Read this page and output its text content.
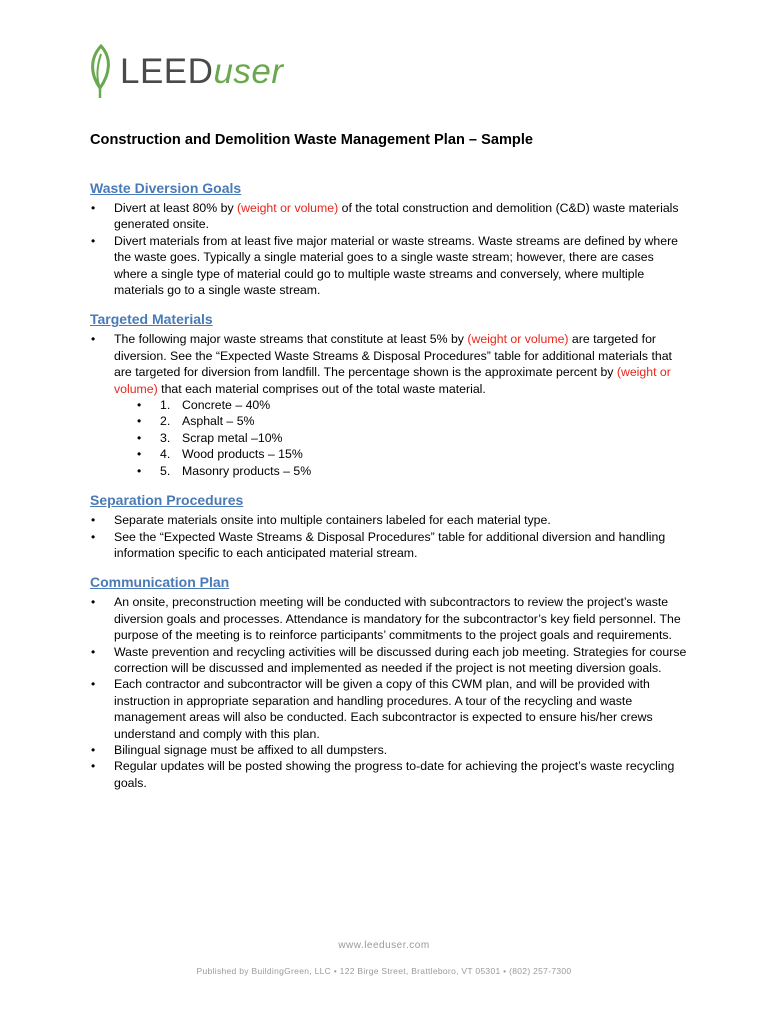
LEEDuser
Construction and Demolition Waste Management Plan – Sample
Waste Diversion Goals
• Divert at least 80% by (weight or volume) of the total construction and demolition (C&D) waste materials generated onsite.
• Divert materials from at least five major material or waste streams. Waste streams are defined by where the waste goes. Typically a single material goes to a single waste stream; however, there are cases where a single type of material could go to multiple waste streams and conversely, where multiple materials go to a single waste stream.
Targeted Materials
• The following major waste streams that constitute at least 5% by (weight or volume) are targeted for diversion. See the “Expected Waste Streams & Disposal Procedures” table for additional materials that are targeted for diversion from landfill. The percentage shown is the approximate percent by (weight or volume) that each material comprises out of the total waste material.
• 1. Concrete – 40%
• 2. Asphalt – 5%
• 3. Scrap metal –10%
• 4. Wood products – 15%
• 5. Masonry products – 5%
Separation Procedures
• Separate materials onsite into multiple containers labeled for each material type.
• See the “Expected Waste Streams & Disposal Procedures” table for additional diversion and handling information specific to each anticipated material stream.
Communication Plan
• An onsite, preconstruction meeting will be conducted with subcontractors to review the project’s waste diversion goals and processes. Attendance is mandatory for the subcontractor’s key field personnel. The purpose of the meeting is to reinforce participants’ commitments to the project goals and requirements.
• Waste prevention and recycling activities will be discussed during each job meeting. Strategies for course correction will be discussed and implemented as needed if the project is not meeting diversion goals.
• Each contractor and subcontractor will be given a copy of this CWM plan, and will be provided with instruction in appropriate separation and handling procedures. A tour of the recycling and waste management areas will also be conducted. Each subcontractor is expected to ensure his/her crews understand and comply with this plan.
• Bilingual signage must be affixed to all dumpsters.
• Regular updates will be posted showing the progress to-date for achieving the project’s waste recycling goals.
www.leeduser.com
Published by BuildingGreen, LLC • 122 Birge Street, Brattleboro, VT 05301 • (802) 257-7300
